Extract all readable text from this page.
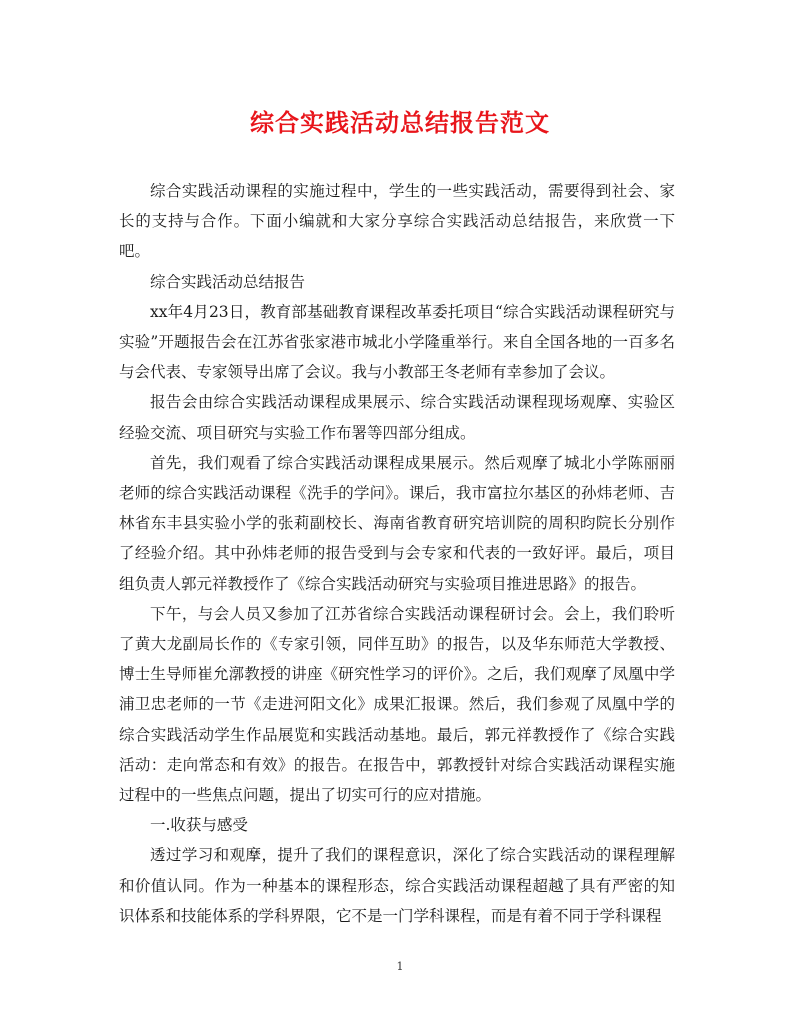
综合实践活动总结报告范文

综合实践活动课程的实施过程中，学生的一些实践活动，需要得到社会、家长的支持与合作。下面小编就和大家分享综合实践活动总结报告，来欣赏一下吧。

综合实践活动总结报告

xx年4月23日，教育部基础教育课程改革委托项目“综合实践活动课程研究与实验”开题报告会在江苏省张家港市城北小学隆重举行。来自全国各地的一百多名与会代表、专家领导出席了会议。我与小教部王冬老师有幸参加了会议。

报告会由综合实践活动课程成果展示、综合实践活动课程现场观摩、实验区经验交流、项目研究与实验工作布署等四部分组成。

首先，我们观看了综合实践活动课程成果展示。然后观摩了城北小学陈丽丽老师的综合实践活动课程《洗手的学问》。课后，我市富拉尔基区的孙炜老师、吉林省东丰县实验小学的张莉副校长、海南省教育研究培训院的周积昀院长分别作了经验介绍。其中孙炜老师的报告受到与会专家和代表的一致好评。最后，项目组负责人郭元祥教授作了《综合实践活动研究与实验项目推进思路》的报告。

下午，与会人员又参加了江苏省综合实践活动课程研讨会。会上，我们聆听了黄大龙副局长作的《专家引领，同伴互助》的报告，以及华东师范大学教授、博士生导师崔允漷教授的讲座《研究性学习的评价》。之后，我们观摩了凤凰中学浦卫忠老师的一节《走进河阳文化》成果汇报课。然后，我们参观了凤凰中学的综合实践活动学生作品展览和实践活动基地。最后，郭元祥教授作了《综合实践活动：走向常态和有效》的报告。在报告中，郭教授针对综合实践活动课程实施过程中的一些焦点问题，提出了切实可行的应对措施。

一.收获与感受

透过学习和观摩，提升了我们的课程意识，深化了综合实践活动的课程理解和价值认同。作为一种基本的课程形态，综合实践活动课程超越了具有严密的知识体系和技能体系的学科界限，它不是一门学科课程，而是有着不同于学科课程

1
